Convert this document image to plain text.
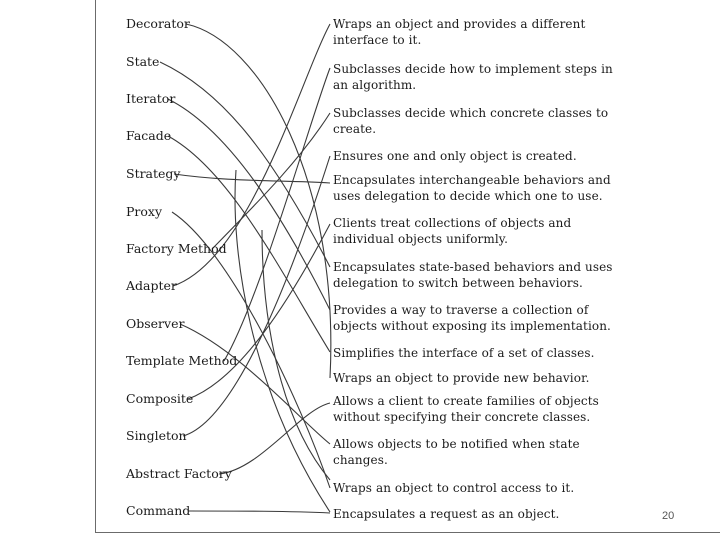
Decorator
State
Iterator
Facade
Strategy
Proxy
Factory Method
Adapter
Observer
Template Method
Composite
Singleton
Abstract Factory
Command
Wraps an object and provides a different
interface to it.
Subclasses decide how to implement steps in
an algorithm.
Subclasses decide which concrete classes to
create.
Ensures one and only object is created.
Encapsulates interchangeable behaviors and
uses delegation to decide which one to use.
Clients treat collections of objects and
individual objects uniformly.
Encapsulates state-based behaviors and uses
delegation to switch between behaviors.
Provides a way to traverse a collection of
objects without exposing its implementation.
Simplifies the interface of a set of classes.
Wraps an object to provide new behavior.
Allows a client to create families of objects
without specifying their concrete classes.
Allows objects to be notified when state
changes.
Wraps an object to control access to it.
Encapsulates a request as an object.	20
